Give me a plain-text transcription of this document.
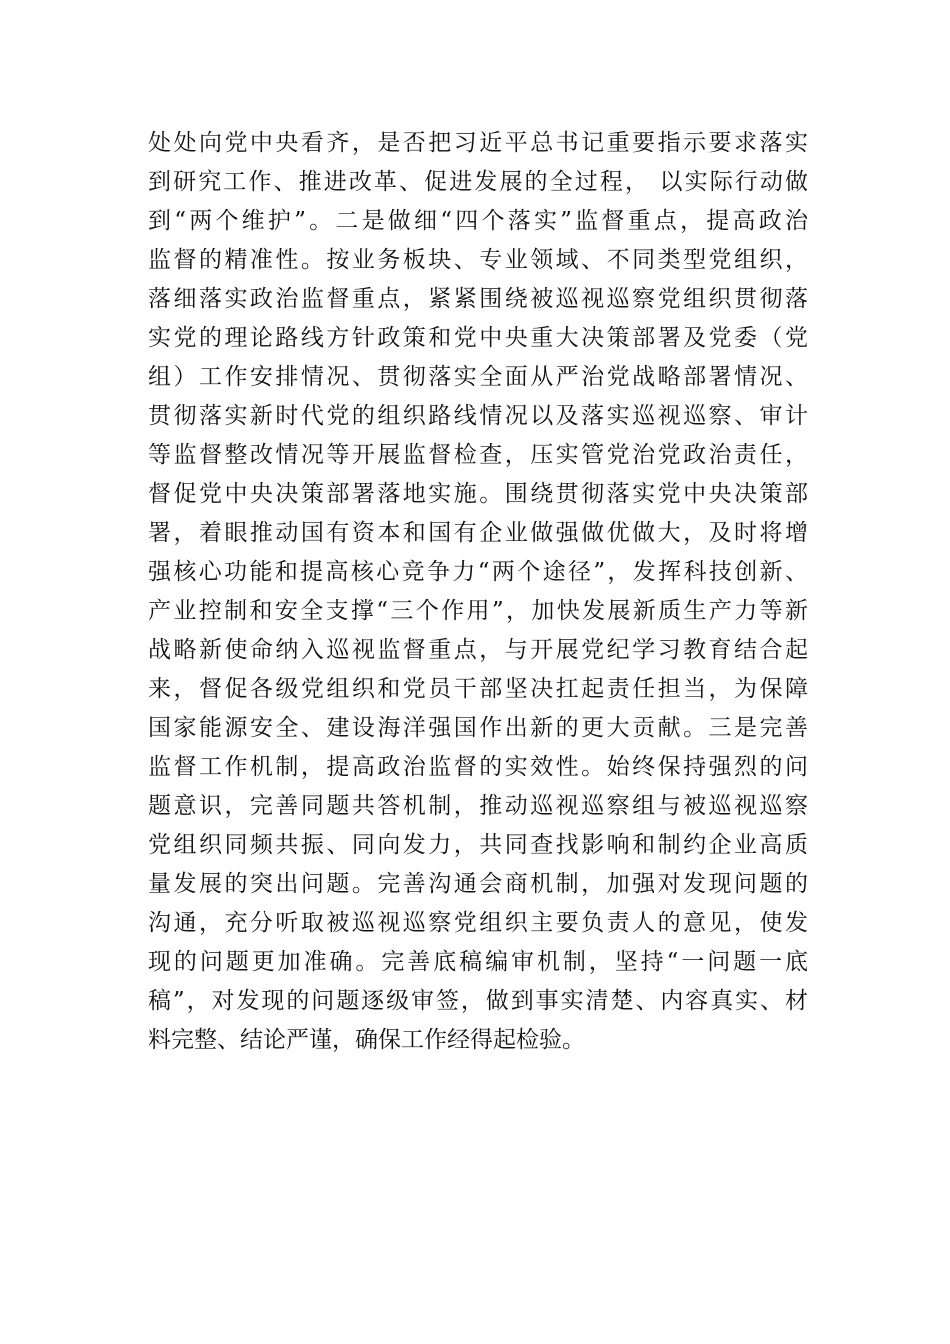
处处向党中央看齐，是否把习近平总书记重要指示要求落实
到研究工作、推进改革、促进发展的全过程， 以实际行动做
到“两个维护”。二是做细“四个落实”监督重点，提高政治
监督的精准性。按业务板块、专业领域、不同类型党组织，
落细落实政治监督重点，紧紧围绕被巡视巡察党组织贯彻落
实党的理论路线方针政策和党中央重大决策部署及党委（党
组）工作安排情况、贯彻落实全面从严治党战略部署情况、
贯彻落实新时代党的组织路线情况以及落实巡视巡察、审计
等监督整改情况等开展监督检查，压实管党治党政治责任，
督促党中央决策部署落地实施。围绕贯彻落实党中央决策部
署，着眼推动国有资本和国有企业做强做优做大，及时将增
强核心功能和提高核心竞争力“两个途径”，发挥科技创新、
产业控制和安全支撑“三个作用”，加快发展新质生产力等新
战略新使命纳入巡视监督重点，与开展党纪学习教育结合起
来，督促各级党组织和党员干部坚决扛起责任担当，为保障
国家能源安全、建设海洋强国作出新的更大贡献。三是完善
监督工作机制，提高政治监督的实效性。始终保持强烈的问
题意识，完善同题共答机制，推动巡视巡察组与被巡视巡察
党组织同频共振、同向发力，共同查找影响和制约企业高质
量发展的突出问题。完善沟通会商机制，加强对发现问题的
沟通，充分听取被巡视巡察党组织主要负责人的意见，使发
现的问题更加准确。完善底稿编审机制，坚持“一问题一底
稿”，对发现的问题逐级审签，做到事实清楚、内容真实、材
料完整、结论严谨，确保工作经得起检验。
